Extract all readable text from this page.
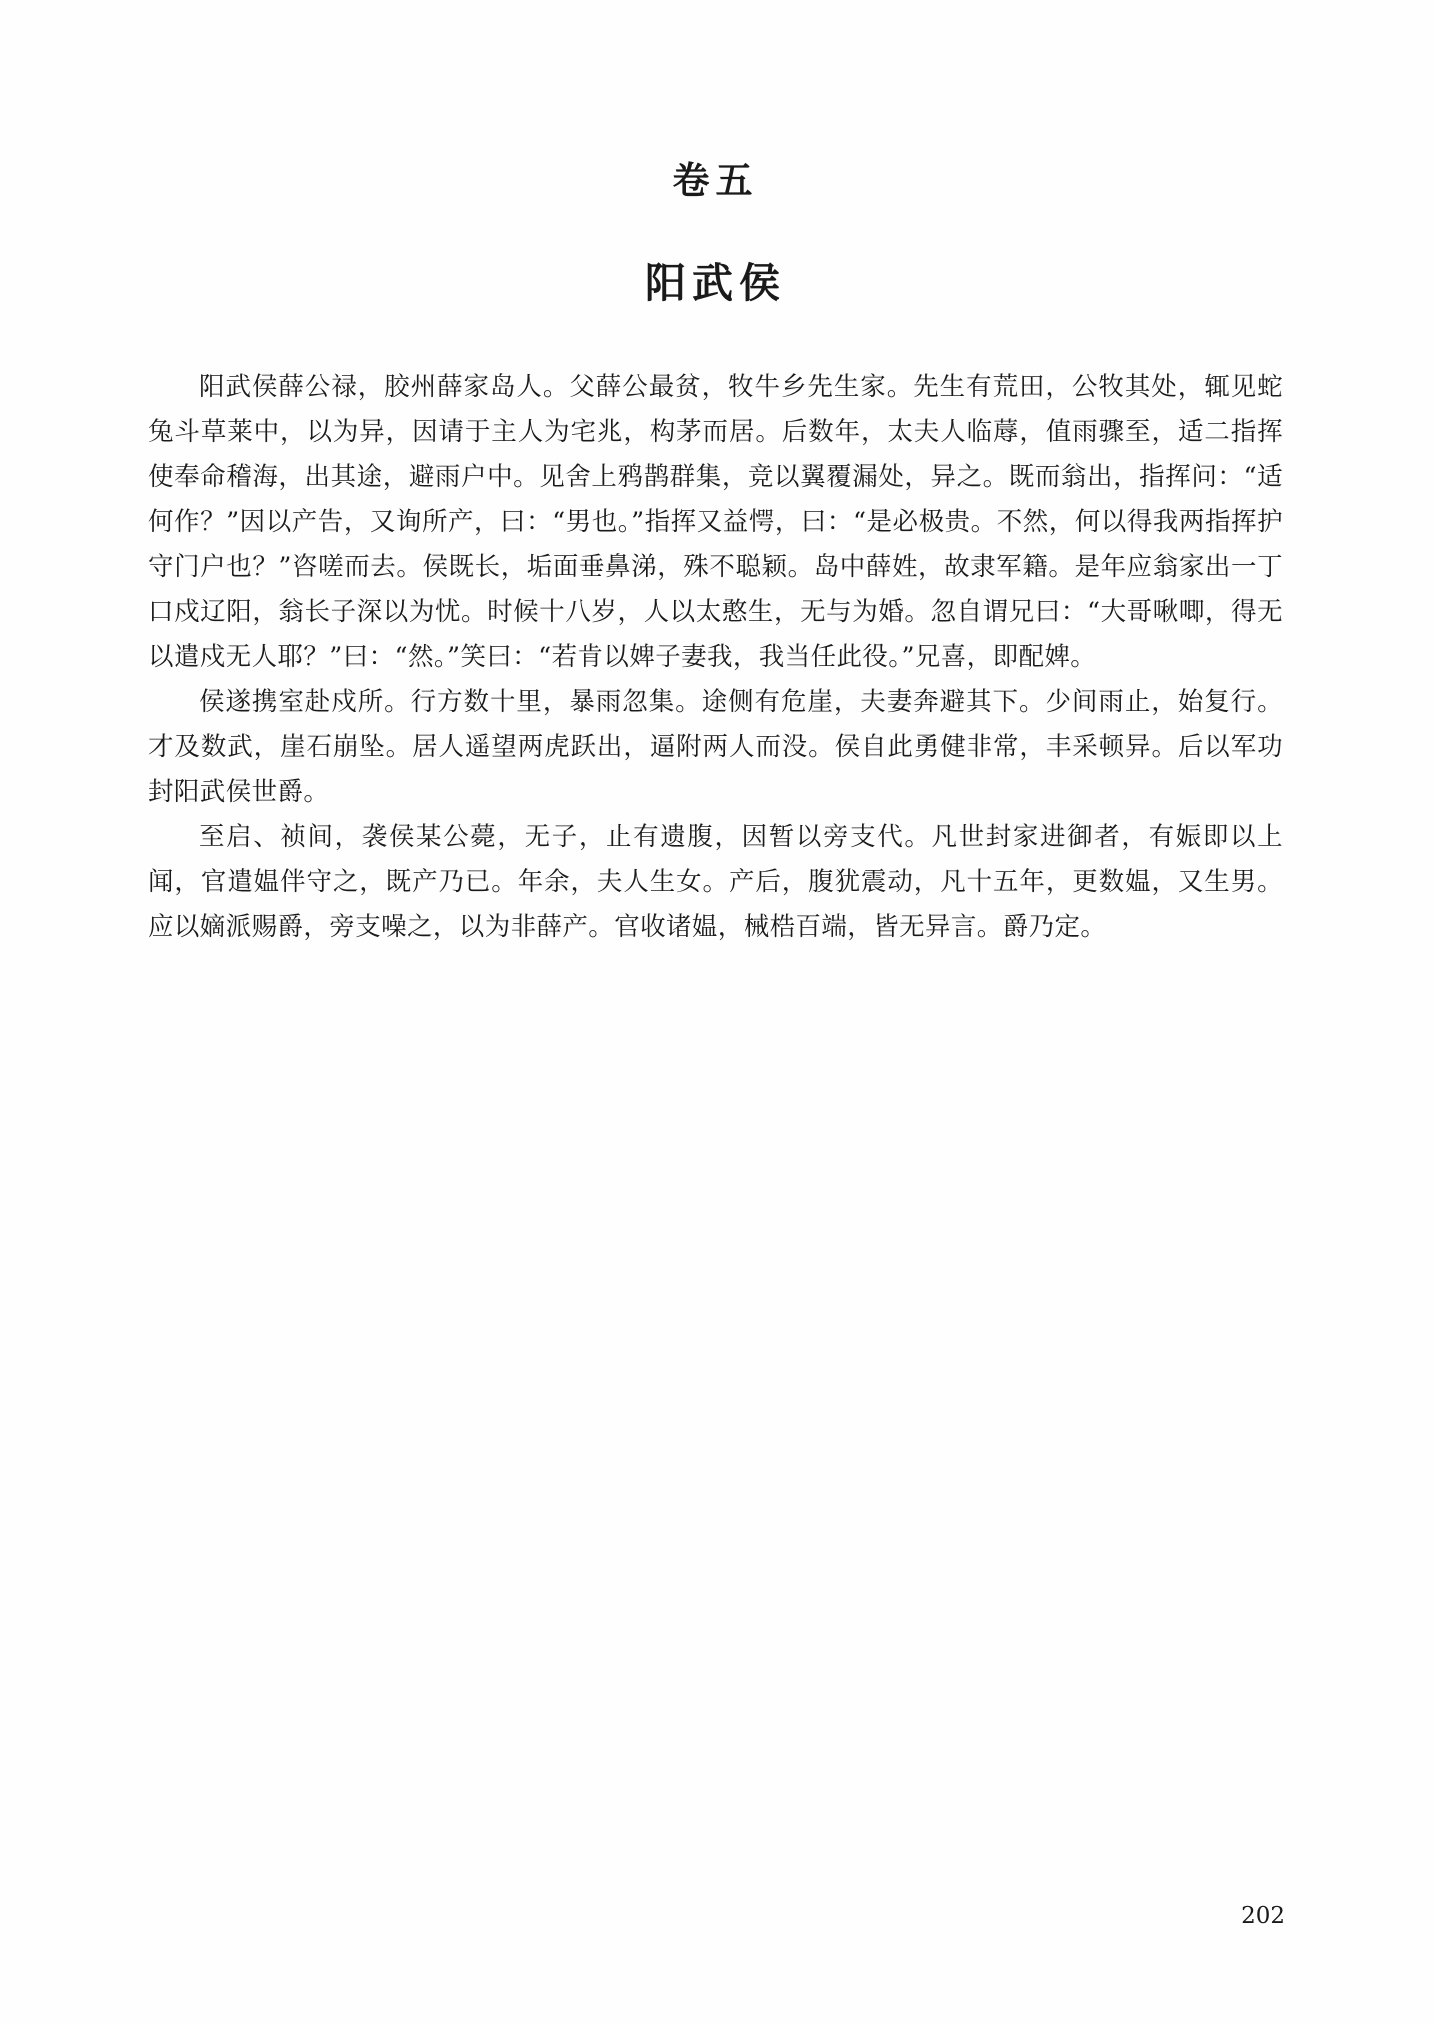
卷五
阳武侯

阳武侯薛公禄，胶州薛家岛人。父薛公最贫，牧牛乡先生家。先生有荒田，公牧其处，辄见蛇兔斗草莱中，以为异，因请于主人为宅兆，构茅而居。后数年，太夫人临蓐，值雨骤至，适二指挥使奉命稽海，出其途，避雨户中。见舍上鸦鹊群集，竞以翼覆漏处，异之。既而翁出，指挥问：“适何作？”因以产告，又询所产，曰：“男也。”指挥又益愕，曰：“是必极贵。不然，何以得我两指挥护守门户也？”咨嗟而去。侯既长，垢面垂鼻涕，殊不聪颖。岛中薛姓，故隶军籍。是年应翁家出一丁口戍辽阳，翁长子深以为忧。时候十八岁，人以太憨生，无与为婚。忽自谓兄曰：“大哥啾唧，得无以遣戍无人耶？”曰：“然。”笑曰：“若肯以婢子妻我，我当任此役。”兄喜，即配婢。

侯遂携室赴戍所。行方数十里，暴雨忽集。途侧有危崖，夫妻奔避其下。少间雨止，始复行。才及数武，崖石崩坠。居人遥望两虎跃出，逼附两人而没。侯自此勇健非常，丰采顿异。后以军功封阳武侯世爵。

至启、祯间，袭侯某公薨，无子，止有遗腹，因暂以旁支代。凡世封家进御者，有娠即以上闻，官遣媪伴守之，既产乃已。年余，夫人生女。产后，腹犹震动，凡十五年，更数媪，又生男。应以嫡派赐爵，旁支噪之，以为非薛产。官收诸媪，械梏百端，皆无异言。爵乃定。

202
